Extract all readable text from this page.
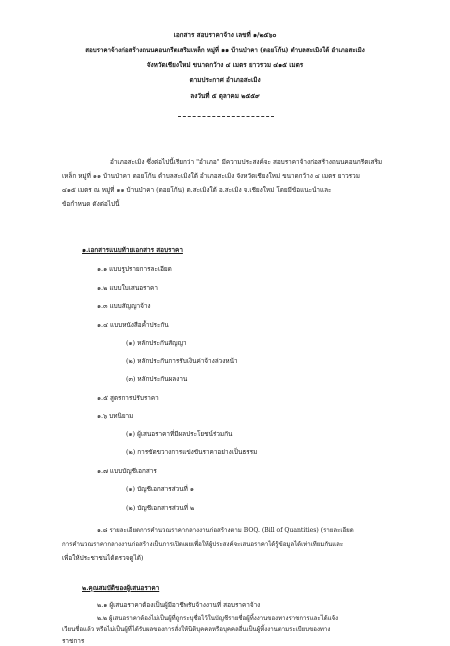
เอกสาร สอบราคาจ้าง เลขที่ ๑/๒๕๖๐
สอบราคาจ้างก่อสร้างถนนคอนกรีตเสริมเหล็ก หมู่ที่ ๑๑ บ้านป่าคา (ดอยโก้น) ตำบลสะเมิงใต้ อำเภอสะเมิง
จังหวัดเชียงใหม่ ขนาดกว้าง ๔ เมตร ยาวรวม ๔๑๕ เมตร
ตามประกาศ อำเภอสะเมิง
ลงวันที่ ๕ ตุลาคม ๒๕๕๙
อำเภอสะเมิง ซึ่งต่อไปนี้เรียกว่า "อำเภอ" มีความประสงค์จะ สอบราคาจ้างก่อสร้างถนนคอนกรีตเสริม
เหล็ก หมู่ที่ ๑๑ บ้านป่าคา ดอยโก้น ตำบลสะเมิงใต้ อำเภอสะเมิง จังหวัดเชียงใหม่ ขนาดกว้าง ๔ เมตร ยาวรวม
๔๑๕ เมตร ณ หมู่ที่ ๑๑ บ้านป่าคา (ดอยโก้น) ต.สะเมิงใต้ อ.สะเมิง จ.เชียงใหม่ โดยมีข้อแนะนำและ
ข้อกำหนด ดังต่อไปนี้
๑.เอกสารแนบท้ายเอกสาร สอบราคา
๑.๑ แบบรูปรายการละเอียด
๑.๒ แบบใบเสนอราคา
๑.๓ แบบสัญญาจ้าง
๑.๔ แบบหนังสือค้ำประกัน
(๑) หลักประกันสัญญา
(๒) หลักประกันการรับเงินค่าจ้างล่วงหน้า
(๓) หลักประกันผลงาน
๑.๕ สูตรการปรับราคา
๑.๖ บทนิยาม
(๑) ผู้เสนอราคาที่มีผลประโยชน์ร่วมกัน
(๒) การขัดขวางการแข่งขันราคาอย่างเป็นธรรม
๑.๗ แบบบัญชีเอกสาร
(๑) บัญชีเอกสารส่วนที่ ๑
(๒) บัญชีเอกสารส่วนที่ ๒
๑.๘ รายละเอียดการคำนวณราคากลางงานก่อสร้างตาม BOQ. (Bill of Quantities) (รายละเอียด
การคำนวณราคากลางงานก่อสร้างเป็นการเปิดเผยเพื่อให้ผู้ประสงค์จะเสนอราคาได้รู้ข้อมูลได้เท่าเทียมกันและ
เพื่อให้ประชาชนได้ตรวจดูได้)
๒.คุณสมบัติของผู้เสนอราคา
๒.๑ ผู้เสนอราคาต้องเป็นผู้มีอาชีพรับจ้างงานที่ สอบราคาจ้าง
๒.๒ ผู้เสนอราคาต้องไม่เป็นผู้ที่ถูกระบุชื่อไว้ในบัญชีรายชื่อผู้ทิ้งงานของทางราชการและได้แจ้ง
เวียนชื่อแล้ว หรือไม่เป็นผู้ที่ได้รับผลของการสั่งให้นิติบุคคลหรือบุคคลอื่นเป็นผู้ทิ้งงานตามระเบียบของทาง
ราชการ
